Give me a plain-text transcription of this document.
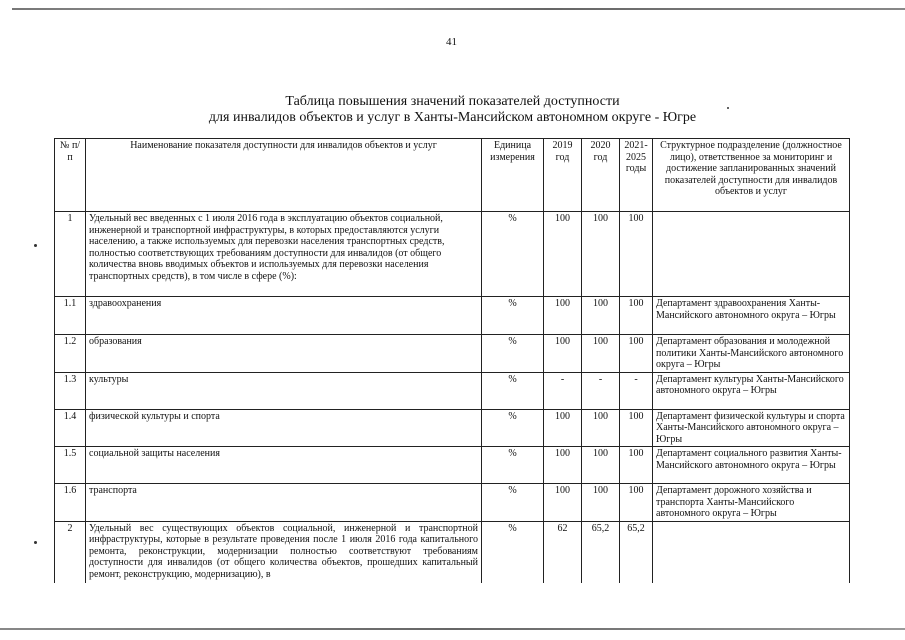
41
Таблица повышения значений показателей доступности
для инвалидов объектов и услуг в Ханты-Мансийском автономном округе - Югре
№ п/п	Наименование показателя доступности для инвалидов объектов и услуг	Единица измерения	2019 год	2020 год	2021-2025 годы	Структурное подразделение (должностное лицо), ответственное за мониторинг и достижение запланированных значений показателей доступности для инвалидов объектов и услуг
1	Удельный вес введенных с 1 июля 2016 года в эксплуатацию объектов социальной, инженерной и транспортной инфраструктуры, в которых предоставляются услуги населению, а также используемых для перевозки населения транспортных средств, полностью соответствующих требованиям доступности для инвалидов (от общего количества вновь вводимых объектов и используемых для перевозки населения транспортных средств), в том числе в сфере (%):	%	100	100	100	
1.1	здравоохранения	%	100	100	100	Департамент здравоохранения Ханты-Мансийского автономного округа – Югры
1.2	образования	%	100	100	100	Департамент образования и молодежной политики Ханты-Мансийского автономного округа – Югры
1.3	культуры	%	-	-	-	Департамент культуры Ханты-Мансийского автономного округа – Югры
1.4	физической культуры и спорта	%	100	100	100	Департамент физической культуры и спорта Ханты-Мансийского автономного округа – Югры
1.5	социальной защиты населения	%	100	100	100	Департамент социального развития Ханты-Мансийского автономного округа – Югры
1.6	транспорта	%	100	100	100	Департамент дорожного хозяйства и транспорта Ханты-Мансийского автономного округа – Югры
2	Удельный вес существующих объектов социальной, инженерной и транспортной инфраструктуры, которые в результате проведения после 1 июля 2016 года капитального ремонта, реконструкции, модернизации полностью соответствуют требованиям доступности для инвалидов (от общего количества объектов, прошедших капитальный ремонт, реконструкцию, модернизацию), в	%	62	65,2	65,2	
